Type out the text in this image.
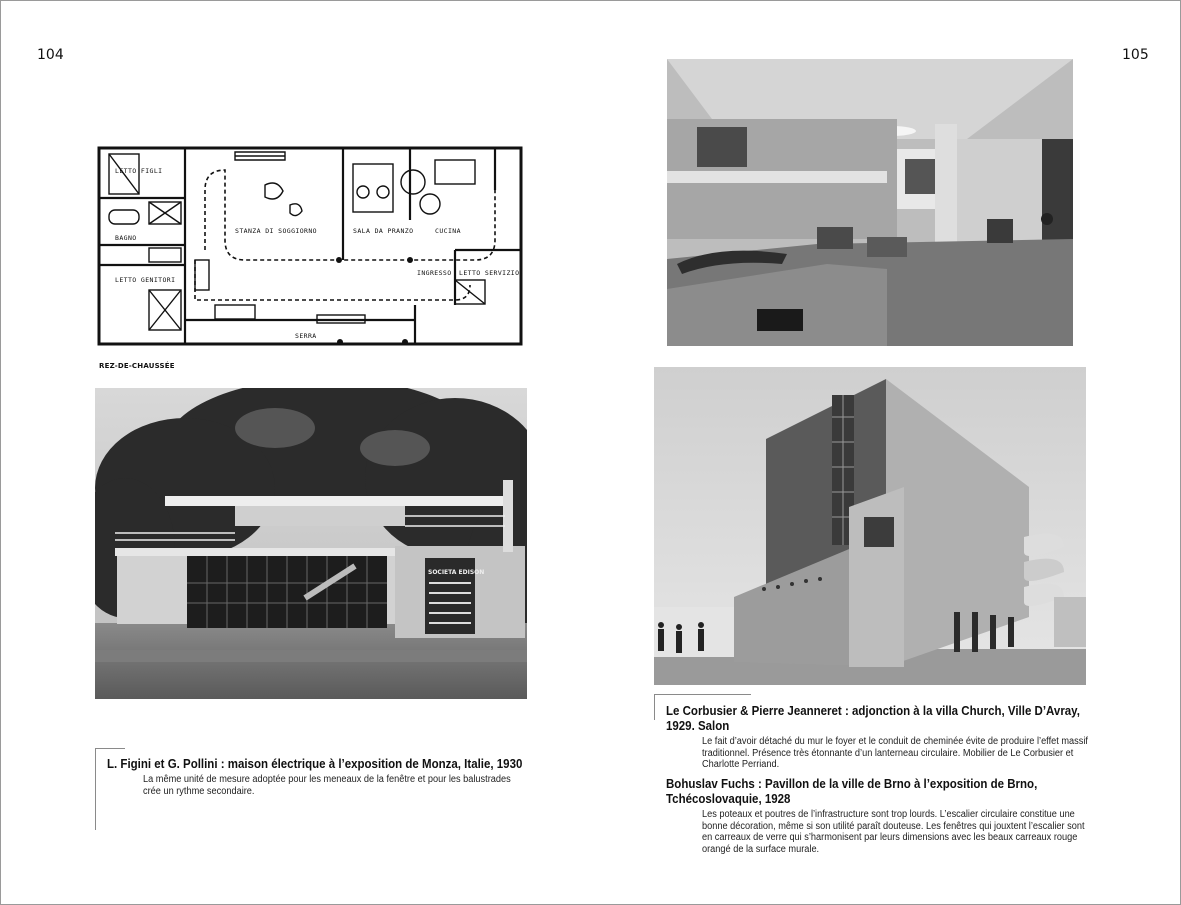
104	105
LETTO FIGLI
BAGNO
LETTO GENITORI
STANZA DI SOGGIORNO	SALA DA PRANZO	CUCINA
INGRESSO LETTO SERVIZIO
SERRA
REZ-DE-CHAUSSÉE
SOCIETA EDISON
L. Figini et G. Pollini : maison électrique à l’exposition de Monza, Italie, 1930
La même unité de mesure adoptée pour les meneaux de la fenêtre et pour les balustrades crée un rythme secondaire.
Le Corbusier & Pierre Jeanneret : adjonction à la villa Church, Ville D’Avray, 1929. Salon
Le fait d’avoir détaché du mur le foyer et le conduit de cheminée évite de produire l’effet massif traditionnel. Présence très étonnante d’un lanterneau circulaire. Mobilier de Le Corbusier et Charlotte Perriand.
Bohuslav Fuchs : Pavillon de la ville de Brno à l’exposition de Brno, Tchécoslovaquie, 1928
Les poteaux et poutres de l’infrastructure sont trop lourds. L’escalier circulaire constitue une bonne décoration, même si son utilité paraît douteuse. Les fenêtres qui jouxtent l’escalier sont en carreaux de verre qui s’harmonisent par leurs dimensions avec les beaux carreaux rouge orangé de la surface murale.
